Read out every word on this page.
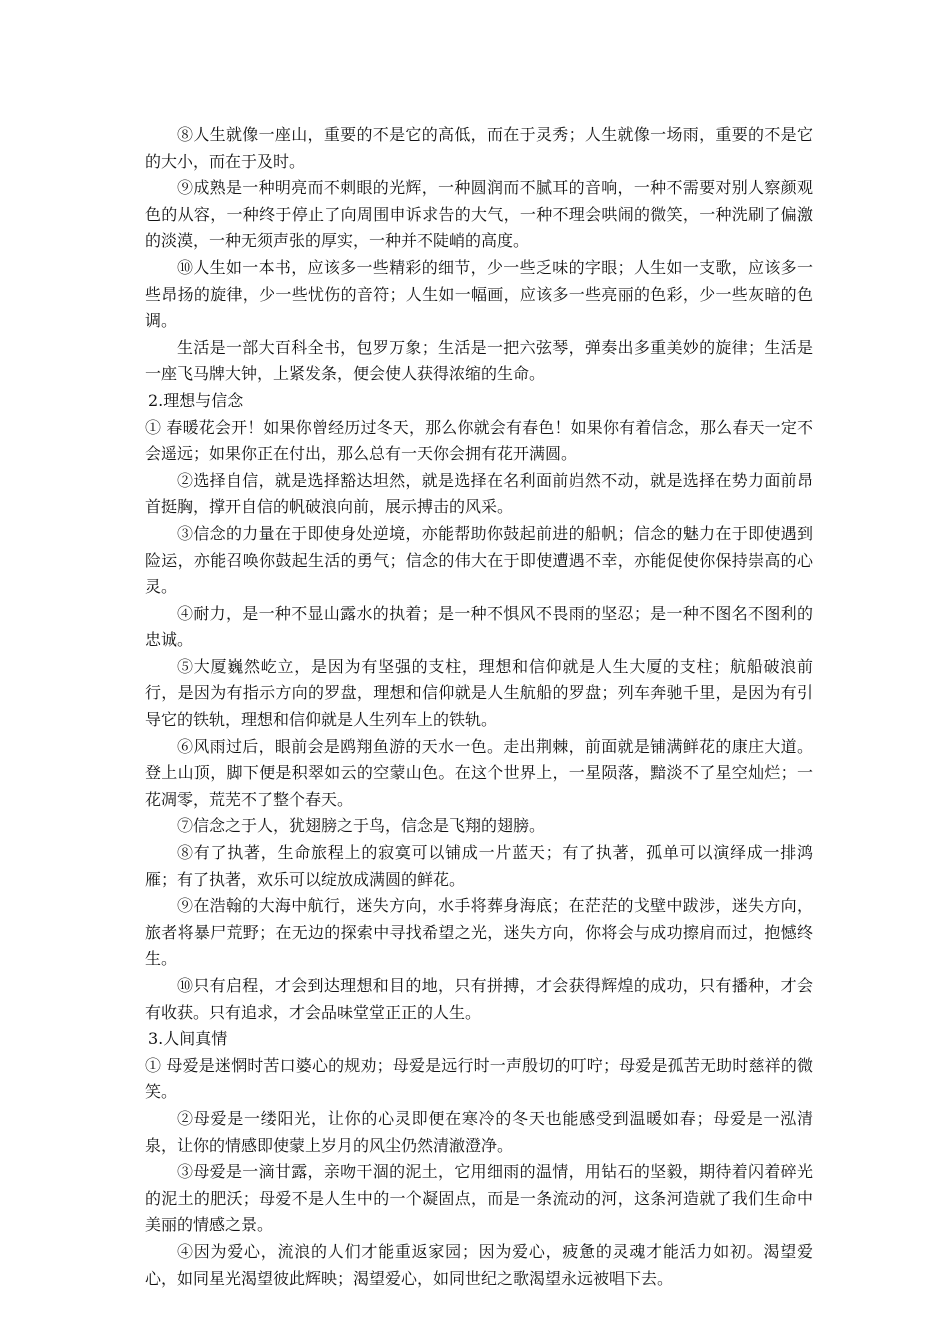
⑧人生就像一座山，重要的不是它的高低，而在于灵秀；人生就像一场雨，重要的不是它的大小，而在于及时。

⑨成熟是一种明亮而不刺眼的光辉，一种圆润而不腻耳的音响，一种不需要对别人察颜观色的从容，一种终于停止了向周围申诉求告的大气，一种不理会哄闹的微笑，一种洗刷了偏激的淡漠，一种无须声张的厚实，一种并不陡峭的高度。

⑩人生如一本书，应该多一些精彩的细节，少一些乏味的字眼；人生如一支歌，应该多一些昂扬的旋律，少一些忧伤的音符；人生如一幅画，应该多一些亮丽的色彩，少一些灰暗的色调。

生活是一部大百科全书，包罗万象；生活是一把六弦琴，弹奏出多重美妙的旋律；生活是一座飞马牌大钟，上紧发条，便会使人获得浓缩的生命。

2.理想与信念

① 春暖花会开！如果你曾经历过冬天，那么你就会有春色！如果你有着信念，那么春天一定不会遥远；如果你正在付出，那么总有一天你会拥有花开满圆。

②选择自信，就是选择豁达坦然，就是选择在名利面前岿然不动，就是选择在势力面前昂首挺胸，撑开自信的帆破浪向前，展示搏击的风采。

③信念的力量在于即使身处逆境，亦能帮助你鼓起前进的船帆；信念的魅力在于即使遇到险运，亦能召唤你鼓起生活的勇气；信念的伟大在于即使遭遇不幸，亦能促使你保持崇高的心灵。

④耐力，是一种不显山露水的执着；是一种不惧风不畏雨的坚忍；是一种不图名不图利的忠诚。

⑤大厦巍然屹立，是因为有坚强的支柱，理想和信仰就是人生大厦的支柱；航船破浪前行，是因为有指示方向的罗盘，理想和信仰就是人生航船的罗盘；列车奔驰千里，是因为有引导它的铁轨，理想和信仰就是人生列车上的铁轨。

⑥风雨过后，眼前会是鸥翔鱼游的天水一色。走出荆棘，前面就是铺满鲜花的康庄大道。登上山顶，脚下便是积翠如云的空蒙山色。在这个世界上，一星陨落，黯淡不了星空灿烂；一花凋零，荒芜不了整个春天。

⑦信念之于人，犹翅膀之于鸟，信念是飞翔的翅膀。

⑧有了执著，生命旅程上的寂寞可以铺成一片蓝天；有了执著，孤单可以演绎成一排鸿雁；有了执著，欢乐可以绽放成满圆的鲜花。

⑨在浩翰的大海中航行，迷失方向，水手将葬身海底；在茫茫的戈壁中跋涉，迷失方向，旅者将暴尸荒野；在无边的探索中寻找希望之光，迷失方向，你将会与成功擦肩而过，抱憾终生。

⑩只有启程，才会到达理想和目的地，只有拼搏，才会获得辉煌的成功，只有播种，才会有收获。只有追求，才会品味堂堂正正的人生。

3.人间真情

① 母爱是迷惘时苦口婆心的规劝；母爱是远行时一声殷切的叮咛；母爱是孤苦无助时慈祥的微笑。

②母爱是一缕阳光，让你的心灵即便在寒冷的冬天也能感受到温暖如春；母爱是一泓清泉，让你的情感即使蒙上岁月的风尘仍然清澈澄净。

③母爱是一滴甘露，亲吻干涸的泥土，它用细雨的温情，用钻石的坚毅，期待着闪着碎光的泥土的肥沃；母爱不是人生中的一个凝固点，而是一条流动的河，这条河造就了我们生命中美丽的情感之景。

④因为爱心，流浪的人们才能重返家园；因为爱心，疲惫的灵魂才能活力如初。渴望爱心，如同星光渴望彼此辉映；渴望爱心，如同世纪之歌渴望永远被唱下去。
